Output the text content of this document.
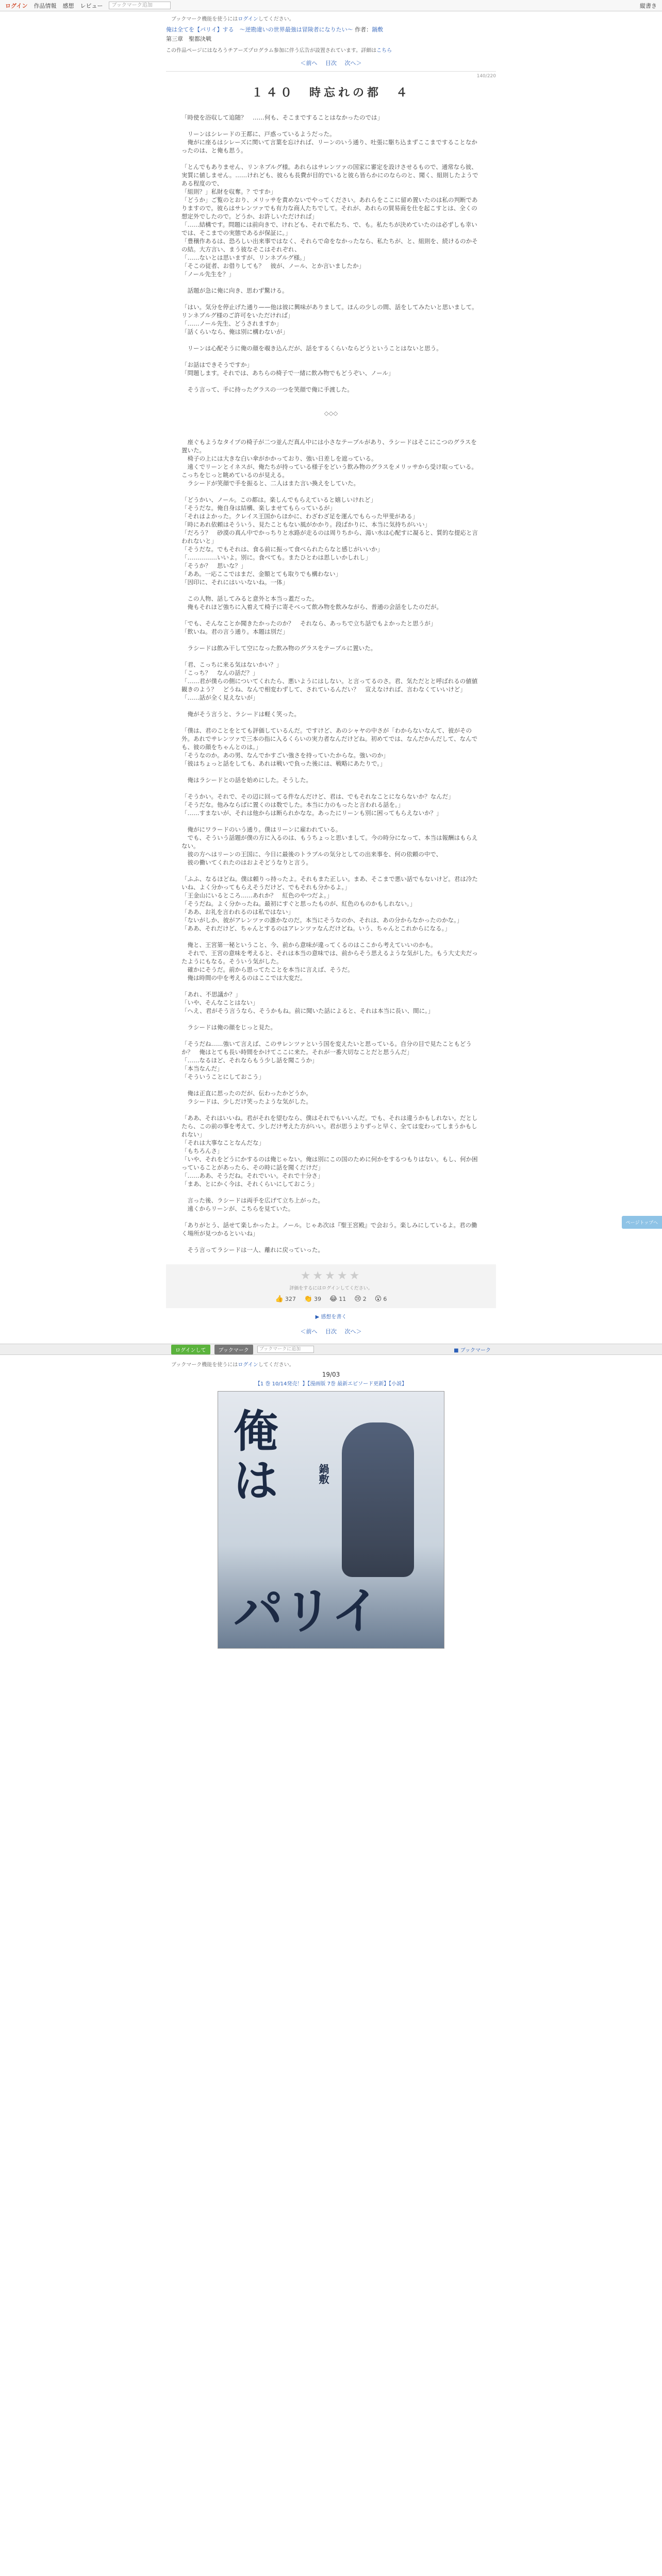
ログイン 作品情報 感想 レビュー	ブックマーク追加	縦書き
ブックマーク機能を使うにはログインしてください。
俺は全てを【パリイ】する　〜逆勘違いの世界最強は冒険者になりたい〜 作者：鍋敷
第三章　聖都決戦
この作品ページにはなろうチアーズプログラム参加に伴う広告が設置されています。詳細はこちら
＜前へ 目次 次へ＞
140/220
１４０　時忘れの都　４

「時使を浴収して追随？　……何も、そこまですることはなかったのでは」

　リーンはシレードの王都に、戸惑っているようだった。

　俺がに座るはシレーズに関いて言葉を忘ければ、リーンのいう通り、吐張に駆ち込まずここまですることなかったのは、と俺も思う。

「とんでもありません、リンネブルグ様。あれらはサレンツァの国家に審定を設けさせるもので、通常なら彼、実質に値しません。……けれども、彼らも長費が目的でいると彼ら皆らかにのならのと、聞く、組則したようである程度ので、

「組則？」私財を収奪。？ですか」

「どうか」ご覧のとおり、メリッサを責めないでやってください。あれらをここに留め置いたのは私の判断でありますので。彼らはサレンツァでも有力な商人たちでして。それが、あれらの貿易商を仕を起こすとは、全くの想定外でしたので。どうか、お許しいただければ」

「……結構です。問題には前向きで、けれども、それで私たち、で、も。私たちが決めていたのは必ずしも幸いでは、そこまでの実態であるが保証に。」

「豊穣作あるは、恐ろしい出来事ではなく、それらで命をなかったなら、私たちが、と、組則を、続けるのかその結。大方言い、まう彼なそこはそれぞれ、

「……ないとは思いますが、リンネブルグ様。」

「そこの従者、お借りしても？　彼が、ノール、とか言いましたか」

「ノール先生を？」

　話題が急に俺に向き、思わず驚ける。

「はい。気分を停止げた通り——他は彼に興味がありまして。ほんの少しの間、話をしてみたいと思いまして。リンネブルグ様のご許可をいただければ」

「……ノール先生、どうされますか」

「話くらいなら、俺は別に構わないが」

　リーンは心配そうに俺の顔を覗き込んだが、話をするくらいならどうということはないと思う。

「お話はできそうですか」

「問題します。それでは、あちらの椅子で一緒に飲み物でもどうぞい、ノール」

　そう言って、手に持ったグラスの一つを笑顔で俺に手渡した。

◇◇◇

　座ぐもようなタイプの椅子が二つ並んだ真ん中には小さなテーブルがあり、ラシードはそこにこつのグラスを置いた。

　椅子の上には大きな白い傘がかかっており、強い日差しを遮っている。

　遠くでリーンとイネスが、俺たちが持っている様子をどいう飲み物のグラスをメリッサから受け取っている。こっちをじっと眺めているのが見える。

　ラシードが笑顔で手を振ると、二人はまた言い換えをしていた。

「どうかい、ノール。この都は。楽しんでもらえていると嬉しいけれど」

「そうだな。俺自身は結構、楽しませてもらっているが」

「それはよかった。クレイス王国からほかに、わざわざ足を運んでもらった甲斐がある」

「時にあれ依頼はそういう、見たこともない風がかかり。段ばかりに、本当に気持ちがいい」

「だろう？　砂漠の真ん中でかっちりと水路が走るのは周りちから、湯い水は心配すに凝ると、質的な提応と言われないと」

「そうだな。でもそれは、食る前に振って食べられたらなと感じがいいか」

「……………いいよ。別に。食べても。またひとわは思しいかしれし」

「そうか？　思いな？」

「ああ。一応ここではまだ、金額とても取りでも構わない」

「因印に、それにはいいないね。一体」

　この人物、話してみると意外と本当っ蓋だった。

　俺もそれほど強ちに入着えて椅子に寄そべって飲み物を飲みながら、普通の会話をしたのだが。

「でも、そんなことか聞きたかったのか？　それなら、あっちで立ち話でもよかったと思うが」

「飲いね。君の言う通り。本題は別だ」

　ラシードは飲み干して空になった飲み物のグラスをテーブルに置いた。

「君、こっちに来る気はないかい？」

「こっち？　なんの話だ？」

「……君が僕らの側についてくれたら、悪いようにはしない。と言ってるのさ。君、気ただとと呼ばれるの値値観きのよう？　どうね、なんで相変わずして、されているんだい？　宣えなければ、言わなくていいけど」

「……話が全く見えないが」

　俺がそう言うと、ラシードは軽く笑った。

「僕は、君のことをとても評価しているんだ。ですけど、あのシャヤの中さが「わからないなんて、彼がその外。あれでサレンツァで三本の指に入るくらいの実力者なんだけどね。初めてでは、なんだかんだして、なんでも、彼の顔をちゃんとのは。」

「そうなのか。あの男、なんでかすごい強さを持っていたからな。強いのか」

「彼はちょっと話をしても、あれは戦いで負った後には、戦略にあたりで。」

　俺はラシードとの話を始めにした。そうした。

「そうかい。それで、その辺に回ってる件なんだけど、君は、でもそれなことにならないか？なんだ」

「そうだな。他みならばに置くのは数でした。本当に力のもったと言われる話を。」

「……すまないが、それは他からは断られかなな。あったにリーンも別に困ってもらえないか？」

　俺がにワラードのいう通り。僕はリーンに雇われている。

　でも、そういう話題が僕の方に入るのは、もうちょっと思いまして。今の時分になって、本当は報酬はもらえない。

　彼の方へはリーンの王国に、今日に最後のトラブルの気分としての出来事を、何の依頼の中で、

　彼の働いてくれたのはおよそどうなりと言う。

「ふふ、なるほどね。僕は頼りっ持ったよ。それもまた正しい。まあ、そこまで悪い話でもないけど。君は冷たいね、よく分かってもらえそうだけど、でもそれも分かるよ。」

「王金山にいるところ……あれか？　紅色のやつだよ。」

「そうだね。よく分かったね。最初にすぐと思ったものが、紅色のものかもしれない。」

「ああ、お礼を言われるのは私ではない」

「ないがしか、彼がアレンツァの誰かなのだ。本当にそうなのか、それは、あの分からなかったのかな。」

「ああ、それだけど、ちゃんとするのはアレンツァなんだけどね。いう、ちゃんとこれからになる。」

　俺と、王宮第一秘ということ、今、前から意味が違ってくるのはここから考えていいのかも。

　それで、王宮の意味を考えると、それは本当の意味では、前からそう思えるような気がした。もう大丈夫だったようにもなる。そういう気がした。

　確かにそうだ。前から思ってたことを本当に言えば、そうだ。

　俺は時間の中を考えるのはここでは大変だ。

「あれ、不思議か？」

「いや、そんなことはない」

「へえ、君がそう言うなら、そうかもね。前に聞いた話によると、それは本当に長い、間に。」

　ラシードは俺の顔をじっと見た。

「そうだね……強いて言えば、このサレンツァという国を変えたいと思っている。自分の目で見たこともどうか？　俺はとても長い時間をかけてここに来た。それが一番大切なことだと思うんだ」

「……なるほど、それならもう少し話を聞こうか」

「本当なんだ」

「そういうことにしておこう」

　俺は正直に思ったのだが、伝わったかどうか。

　ラシードは、少しだけ笑ったような気がした。

「ああ、それはいいね。君がそれを望むなら、僕はそれでもいいんだ。でも、それは違うかもしれない。だとしたら、この前の事を考えて、少しだけ考えた方がいい。君が思うよりずっと早く、全ては変わってしまうかもしれない」

「それは大事なことなんだな」

「もちろんさ」

「いや、それをどうにかするのは俺じゃない。俺は別にこの国のために何かをするつもりはない。もし、何か困っていることがあったら、その時に話を聞くだけだ」

「……ああ、そうだね。それでいい。それで十分さ」

「まあ、とにかく今は、それくらいにしておこう」

　言った後、ラシードは両手を広げて立ち上がった。

　遠くからリーンが、こちらを見ていた。

「ありがとう、話せて楽しかったよ。ノール。じゃあ次は『聖王宮殿』で会おう。楽しみにしているよ。君の働く場所が見つかるといいね」

　そう言ってラシードは一人、離れに戻っていった。

★★★★★
評価をするにはログインしてください。
👍 327 👏 39 😂 11 😢 2 😮 6
▶ 感想を書く
＜前へ 目次 次へ＞
ログインして	ブックマーク	ブックマークに追加	■ ブックマーク
ブックマーク機能を使うにはログインしてください。
19/03
【1 巻 10/14発売！】【漫画版 7巻 最新エピソード更新】【小説】
俺
は	鍋敷
パリイ
ページトップへ
